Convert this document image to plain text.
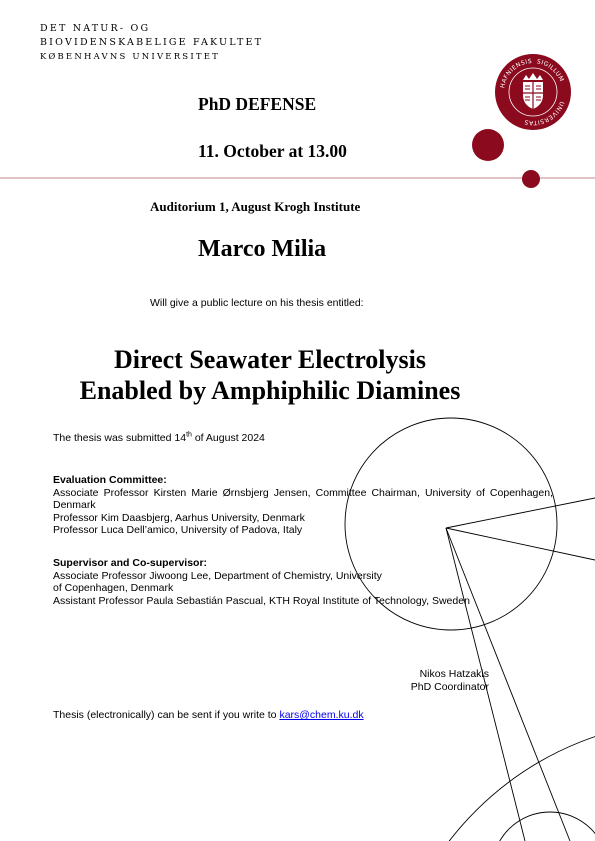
DET NATUR- OG
BIOVIDENSKABELIGE FAKULTET
KØBENHAVNS UNIVERSITET
HAFNIENSIS SIGILLUM
UNIVERSITAS
PhD DEFENSE
11. October at 13.00
Auditorium 1, August Krogh Institute
Marco Milia
Will give a public lecture on his thesis entitled:
Direct Seawater Electrolysis
Enabled by Amphiphilic Diamines
The thesis was submitted 14th of August 2024
Evaluation Committee:
Associate Professor Kirsten Marie Ørnsbjerg Jensen, Committee Chairman, University of Copenhagen, Denmark
Professor Kim Daasbjerg, Aarhus University, Denmark
Professor Luca Dell’amico, University of Padova, Italy
Supervisor and Co-supervisor:
Associate Professor Jiwoong Lee, Department of Chemistry, University of Copenhagen, Denmark
Assistant Professor Paula Sebastián Pascual, KTH Royal Institute of Technology, Sweden
Nikos Hatzakis
PhD Coordinator
Thesis (electronically) can be sent if you write to kars@chem.ku.dk
